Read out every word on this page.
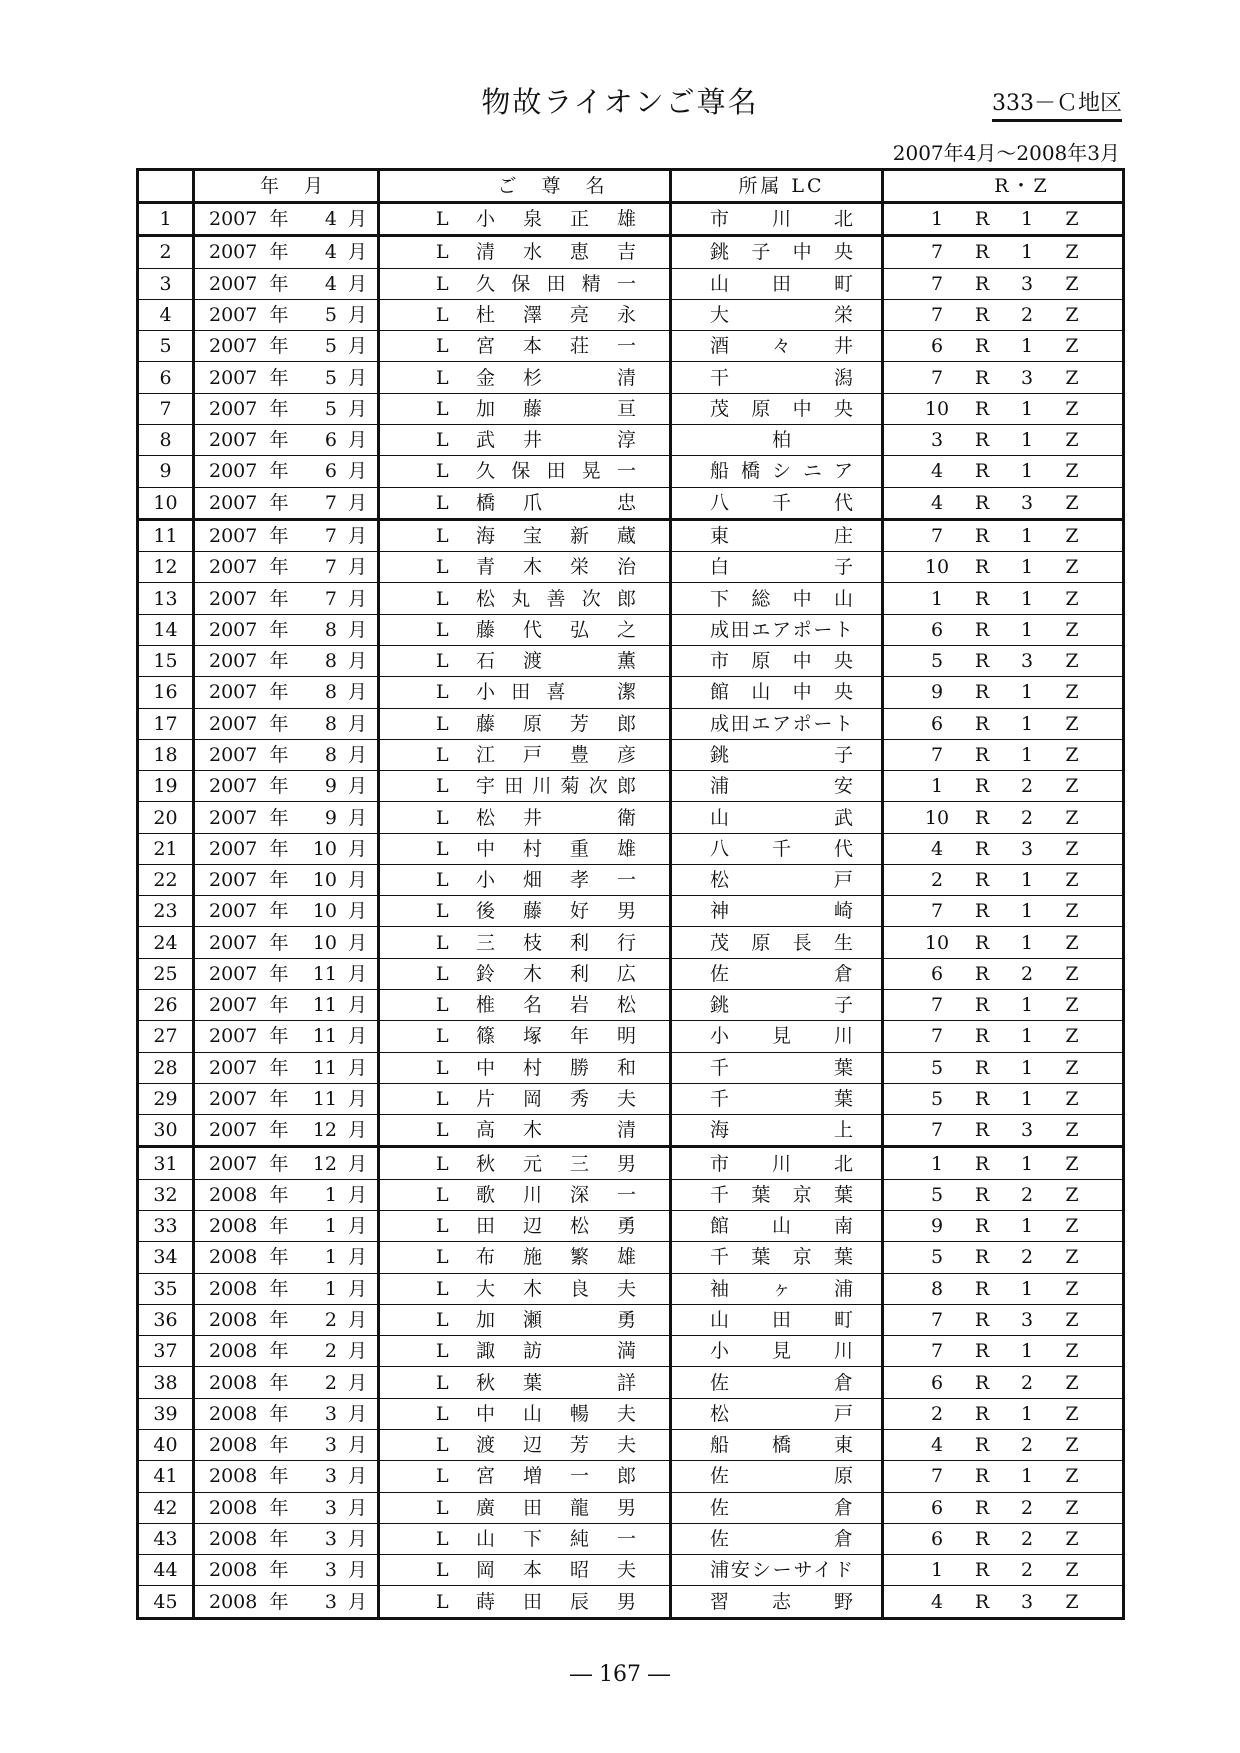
物故ライオンご尊名	333－Ｃ地区
2007年4月～2008年3月
	年　月	ご　尊　名	所属 LC	R・Z
1	2007 年 4 月	L 小泉正雄	市川北	1 R 1 Z
2	2007 年 4 月	L 清水恵吉	銚子中央	7 R 1 Z
3	2007 年 4 月	L 久保田精一	山田町	7 R 3 Z
4	2007 年 5 月	L 杜澤亮永	大栄	7 R 2 Z
5	2007 年 5 月	L 宮本荘一	酒々井	6 R 1 Z
6	2007 年 5 月	L 金杉　清	干潟	7 R 3 Z
7	2007 年 5 月	L 加藤　亘	茂原中央	10 R 1 Z
8	2007 年 6 月	L 武井　淳	柏	3 R 1 Z
9	2007 年 6 月	L 久保田晃一	船橋シニア	4 R 1 Z
10	2007 年 7 月	L 橋爪　忠	八千代	4 R 3 Z
11	2007 年 7 月	L 海宝新蔵	東庄	7 R 1 Z
12	2007 年 7 月	L 青木栄治	白子	10 R 1 Z
13	2007 年 7 月	L 松丸善次郎	下総中山	1 R 1 Z
14	2007 年 8 月	L 藤代弘之	成田エアポート	6 R 1 Z
15	2007 年 8 月	L 石渡　薫	市原中央	5 R 3 Z
16	2007 年 8 月	L 小田喜　潔	館山中央	9 R 1 Z
17	2007 年 8 月	L 藤原芳郎	成田エアポート	6 R 1 Z
18	2007 年 8 月	L 江戸豊彦	銚子	7 R 1 Z
19	2007 年 9 月	L 宇田川菊次郎	浦安	1 R 2 Z
20	2007 年 9 月	L 松井　衛	山武	10 R 2 Z
21	2007 年 10 月	L 中村重雄	八千代	4 R 3 Z
22	2007 年 10 月	L 小畑孝一	松戸	2 R 1 Z
23	2007 年 10 月	L 後藤好男	神崎	7 R 1 Z
24	2007 年 10 月	L 三枝利行	茂原長生	10 R 1 Z
25	2007 年 11 月	L 鈴木利広	佐倉	6 R 2 Z
26	2007 年 11 月	L 椎名岩松	銚子	7 R 1 Z
27	2007 年 11 月	L 篠塚年明	小見川	7 R 1 Z
28	2007 年 11 月	L 中村勝和	千葉	5 R 1 Z
29	2007 年 11 月	L 片岡秀夫	千葉	5 R 1 Z
30	2007 年 12 月	L 高木　清	海上	7 R 3 Z
31	2007 年 12 月	L 秋元三男	市川北	1 R 1 Z
32	2008 年 1 月	L 歌川深一	千葉京葉	5 R 2 Z
33	2008 年 1 月	L 田辺松勇	館山南	9 R 1 Z
34	2008 年 1 月	L 布施繁雄	千葉京葉	5 R 2 Z
35	2008 年 1 月	L 大木良夫	袖ヶ浦	8 R 1 Z
36	2008 年 2 月	L 加瀬　勇	山田町	7 R 3 Z
37	2008 年 2 月	L 諏訪　満	小見川	7 R 1 Z
38	2008 年 2 月	L 秋葉　詳	佐倉	6 R 2 Z
39	2008 年 3 月	L 中山暢夫	松戸	2 R 1 Z
40	2008 年 3 月	L 渡辺芳夫	船橋東	4 R 2 Z
41	2008 年 3 月	L 宮増一郎	佐原	7 R 1 Z
42	2008 年 3 月	L 廣田龍男	佐倉	6 R 2 Z
43	2008 年 3 月	L 山下純一	佐倉	6 R 2 Z
44	2008 年 3 月	L 岡本昭夫	浦安シーサイド	1 R 2 Z
45	2008 年 3 月	L 蒔田辰男	習志野	4 R 3 Z
― 167 ―
